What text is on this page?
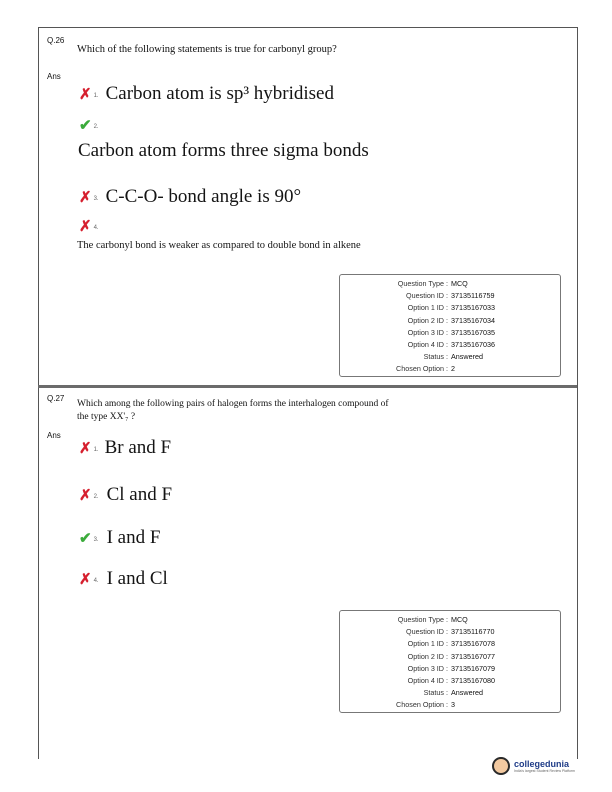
Q.26
Which of the following statements is true for carbonyl group?
Ans
✗ 1. Carbon atom is sp³ hybridised
✔ 2.
Carbon atom forms three sigma bonds
✗ 3. C-C-O- bond angle is 90°
✗ 4.
The carbonyl bond is weaker as compared to double bond in alkene
Question Type : MCQ
Question ID : 37135116759
Option 1 ID : 37135167033
Option 2 ID : 37135167034
Option 3 ID : 37135167035
Option 4 ID : 37135167036
Status : Answered
Chosen Option : 2
Q.27
Which among the following pairs of halogen forms the interhalogen compound of
the type XX'₇ ?
Ans
✗ 1. Br and F
✗ 2. Cl and F
✔ 3. I and F
✗ 4. I and Cl
Question Type : MCQ
Question ID : 37135116770
Option 1 ID : 37135167078
Option 2 ID : 37135167077
Option 3 ID : 37135167079
Option 4 ID : 37135167080
Status : Answered
Chosen Option : 3
collegedunia
India's largest Student Review Platform
